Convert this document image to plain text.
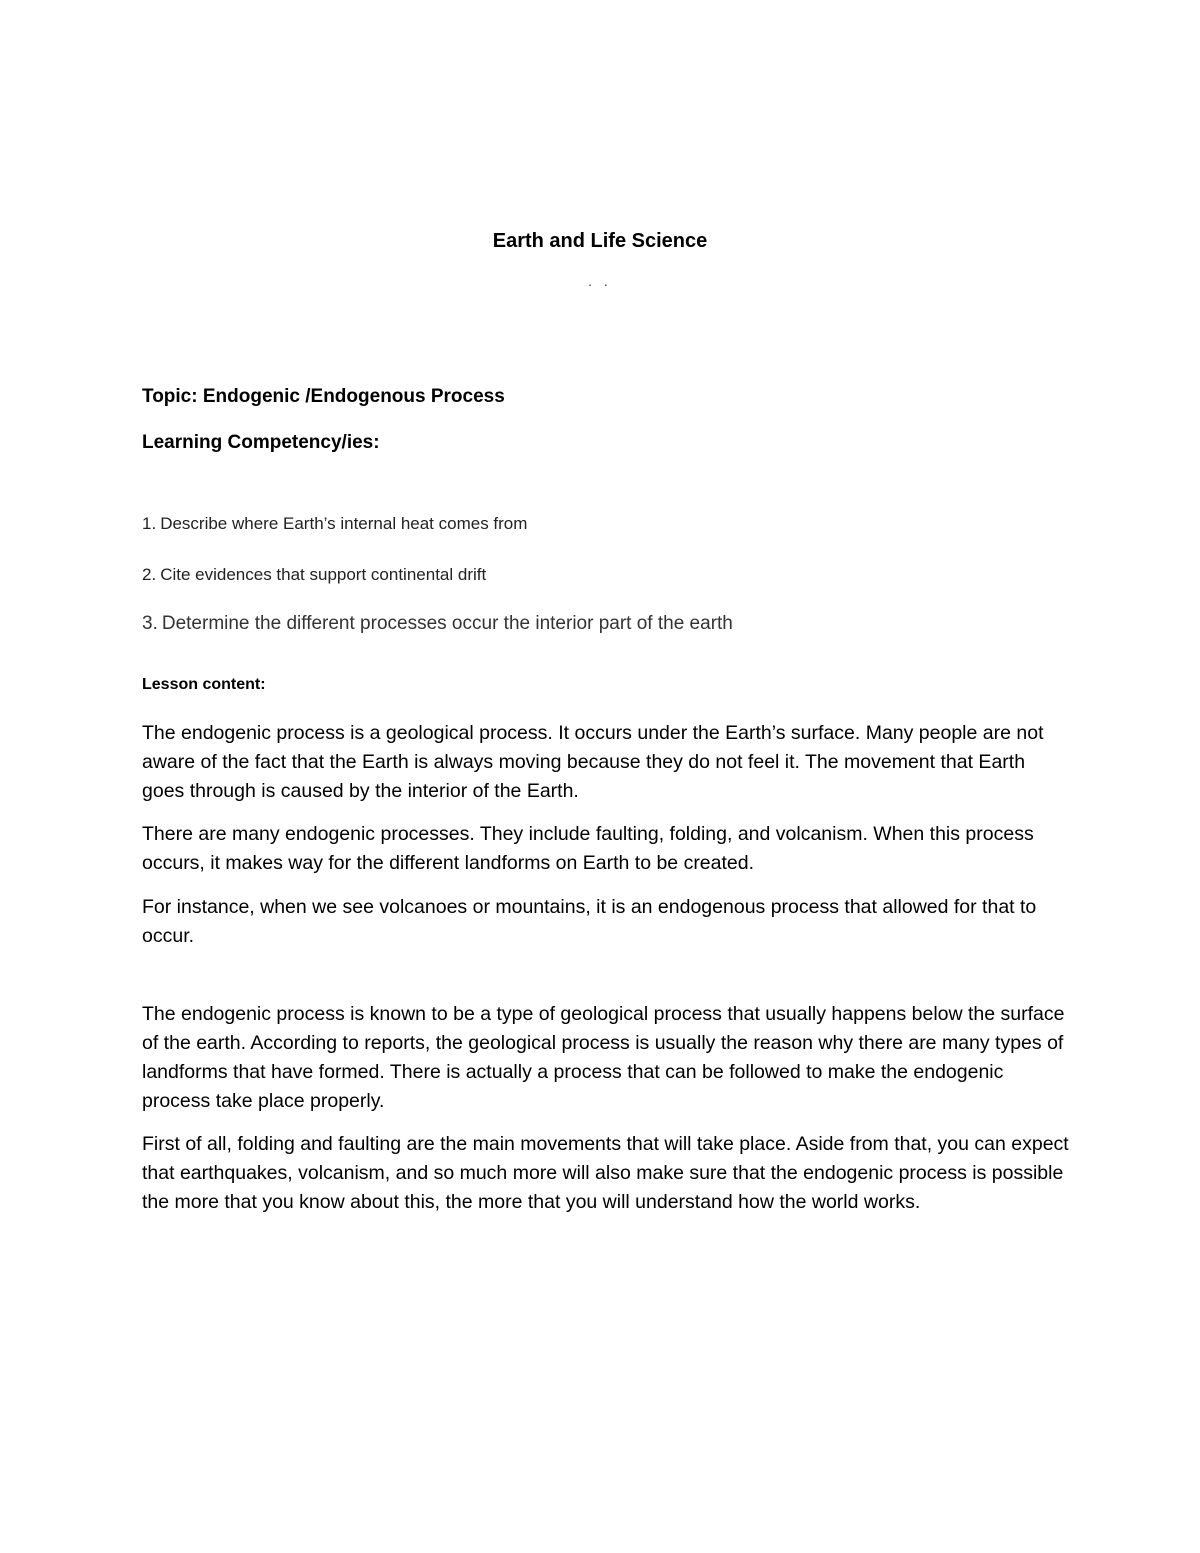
Earth and Life Science
. .
Topic: Endogenic /Endogenous Process
Learning Competency/ies:
1. Describe where Earth’s internal heat comes from
2. Cite evidences that support continental drift
3. Determine the different processes occur the interior part of the earth
Lesson content:

The endogenic process is a geological process. It occurs under the Earth’s surface. Many people are not aware of the fact that the Earth is always moving because they do not feel it. The movement that Earth goes through is caused by the interior of the Earth.

There are many endogenic processes. They include faulting, folding, and volcanism. When this process occurs, it makes way for the different landforms on Earth to be created.

For instance, when we see volcanoes or mountains, it is an endogenous process that allowed for that to occur.

The endogenic process is known to be a type of geological process that usually happens below the surface of the earth. According to reports, the geological process is usually the reason why there are many types of landforms that have formed. There is actually a process that can be followed to make the endogenic process take place properly.

First of all, folding and faulting are the main movements that will take place. Aside from that, you can expect that earthquakes, volcanism, and so much more will also make sure that the endogenic process is possible the more that you know about this, the more that you will understand how the world works.
